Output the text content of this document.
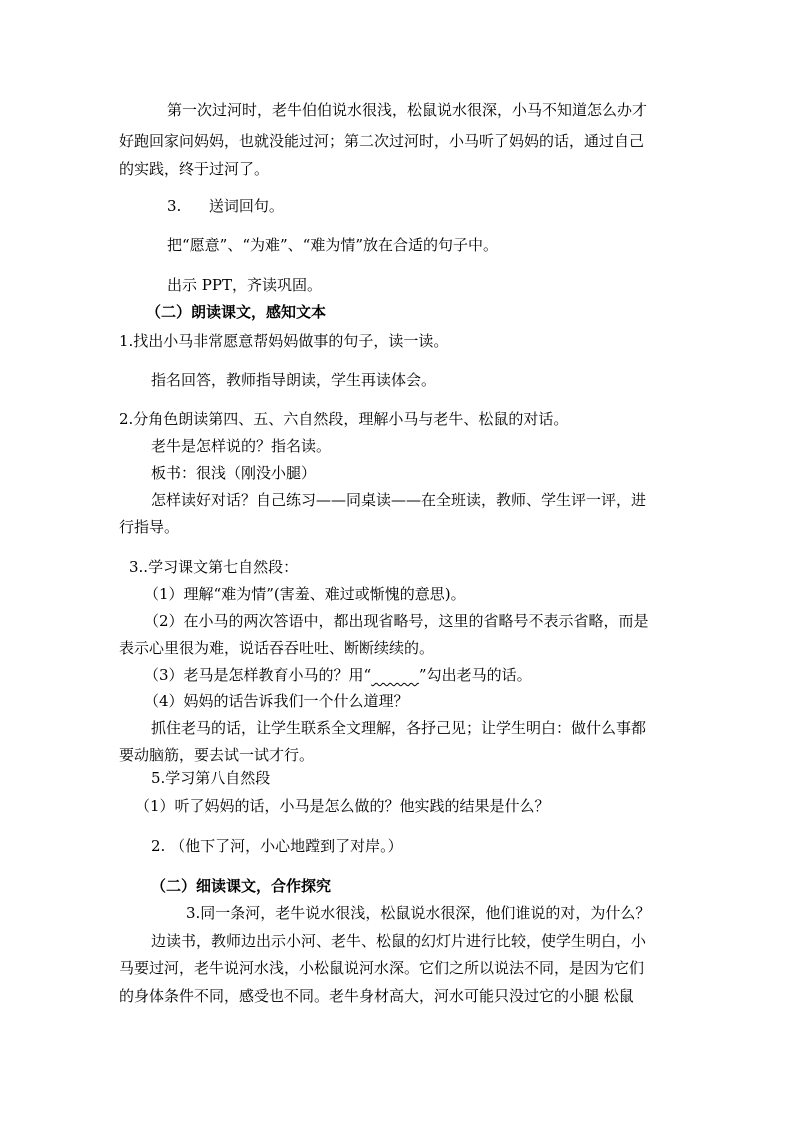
第一次过河时，老牛伯伯说水很浅，松鼠说水很深，小马不知道怎么办才
好跑回家问妈妈，也就没能过河；第二次过河时，小马听了妈妈的话，通过自己
的实践，终于过河了。
3. 送词回句。
把“愿意”、“为难”、“难为情”放在合适的句子中。
出示 PPT，齐读巩固。
（二）朗读课文，感知文本
1.找出小马非常愿意帮妈妈做事的句子，读一读。
指名回答，教师指导朗读，学生再读体会。
2.分角色朗读第四、五、六自然段，理解小马与老牛、松鼠的对话。
老牛是怎样说的？指名读。
板书：很浅（刚没小腿）
怎样读好对话？自己练习——同桌读——在全班读，教师、学生评一评，进
行指导。
3..学习课文第七自然段：
（1）理解“难为情”(害羞、难过或惭愧的意思)。
（2）在小马的两次答语中，都出现省略号，这里的省略号不表示省略，而是
表示心里很为难，说话吞吞吐吐、断断续续的。
（3）老马是怎样教育小马的？用“	”勾出老马的话。
（4）妈妈的话告诉我们一个什么道理？
抓住老马的话，让学生联系全文理解，各抒己见；让学生明白：做什么事都
要动脑筋，要去试一试才行。
5.学习第八自然段
（1）听了妈妈的话，小马是怎么做的？他实践的结果是什么？
2. （他下了河，小心地蹚到了对岸。）
（二）细读课文，合作探究
3.同一条河，老牛说水很浅，松鼠说水很深，他们谁说的对，为什么？
边读书，教师边出示小河、老牛、松鼠的幻灯片进行比较，使学生明白，小
马要过河，老牛说河水浅，小松鼠说河水深。它们之所以说法不同，是因为它们
的身体条件不同，感受也不同。老牛身材高大，河水可能只没过它的小腿 松鼠
